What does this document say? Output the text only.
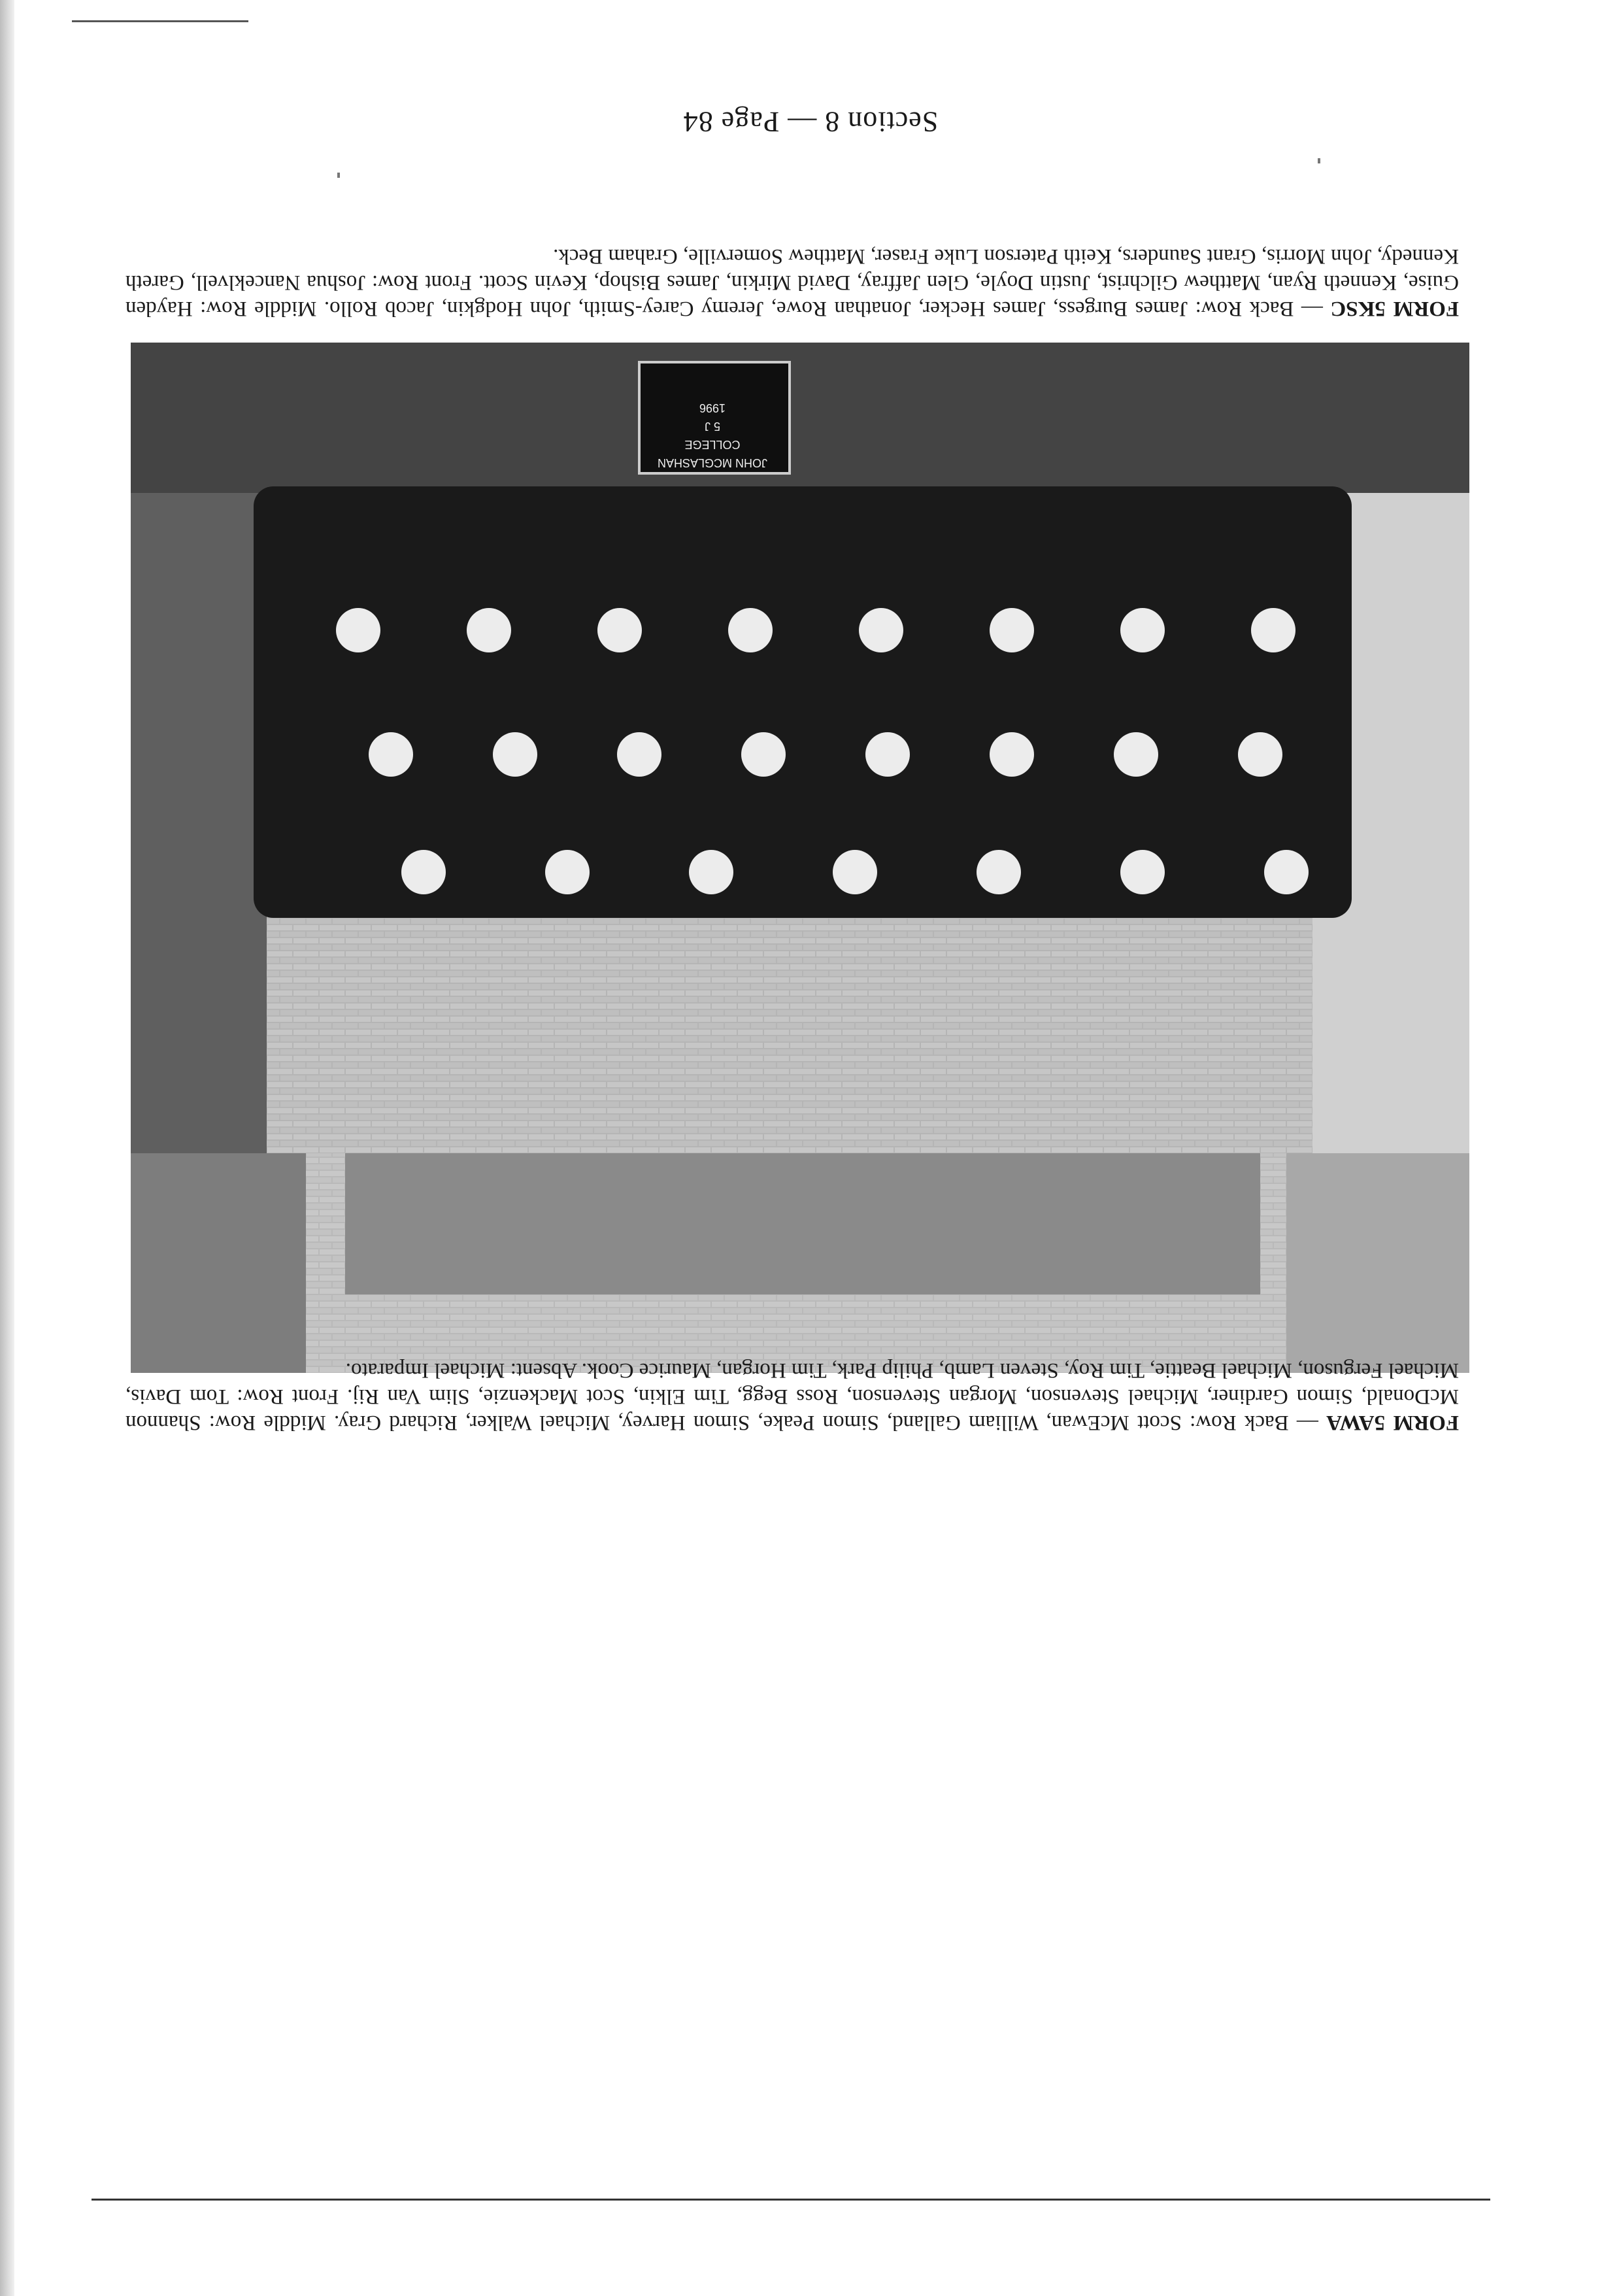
FORM 5AWA — Back Row: Scott McEwan, William Galland, Simon Peake, Simon Harvey, Michael Walker, Richard Gray. Middle Row: Shannon McDonald, Simon Gardiner, Michael Stevenson, Morgan Stevenson, Ross Begg, Tim Elkin, Scot Mackenzie, Slim Van Rij. Front Row: Tom Davis, Michael Ferguson, Michael Beattie, Tim Roy, Steven Lamb, Philip Park, Tim Horgan, Maurice Cook. Absent: Michael Imparato.
JOHN MCGLASHAN
COLLEGE
5 J
1996
FORM 5KSC — Back Row: James Burgess, James Hecker, Jonathan Rowe, Jeremy Carey-Smith, John Hodgkin, Jacob Rollo. Middle Row: Hayden Guise, Kenneth Ryan, Matthew Gilchrist, Justin Doyle, Glen Jaffray, David Mirkin, James Bishop, Kevin Scott. Front Row: Joshua Nanceklvell, Gareth Kennedy, John Morris, Grant Saunders, Keith Paterson Luke Fraser, Matthew Somerville, Graham Beck.
Section 8 — Page 84
